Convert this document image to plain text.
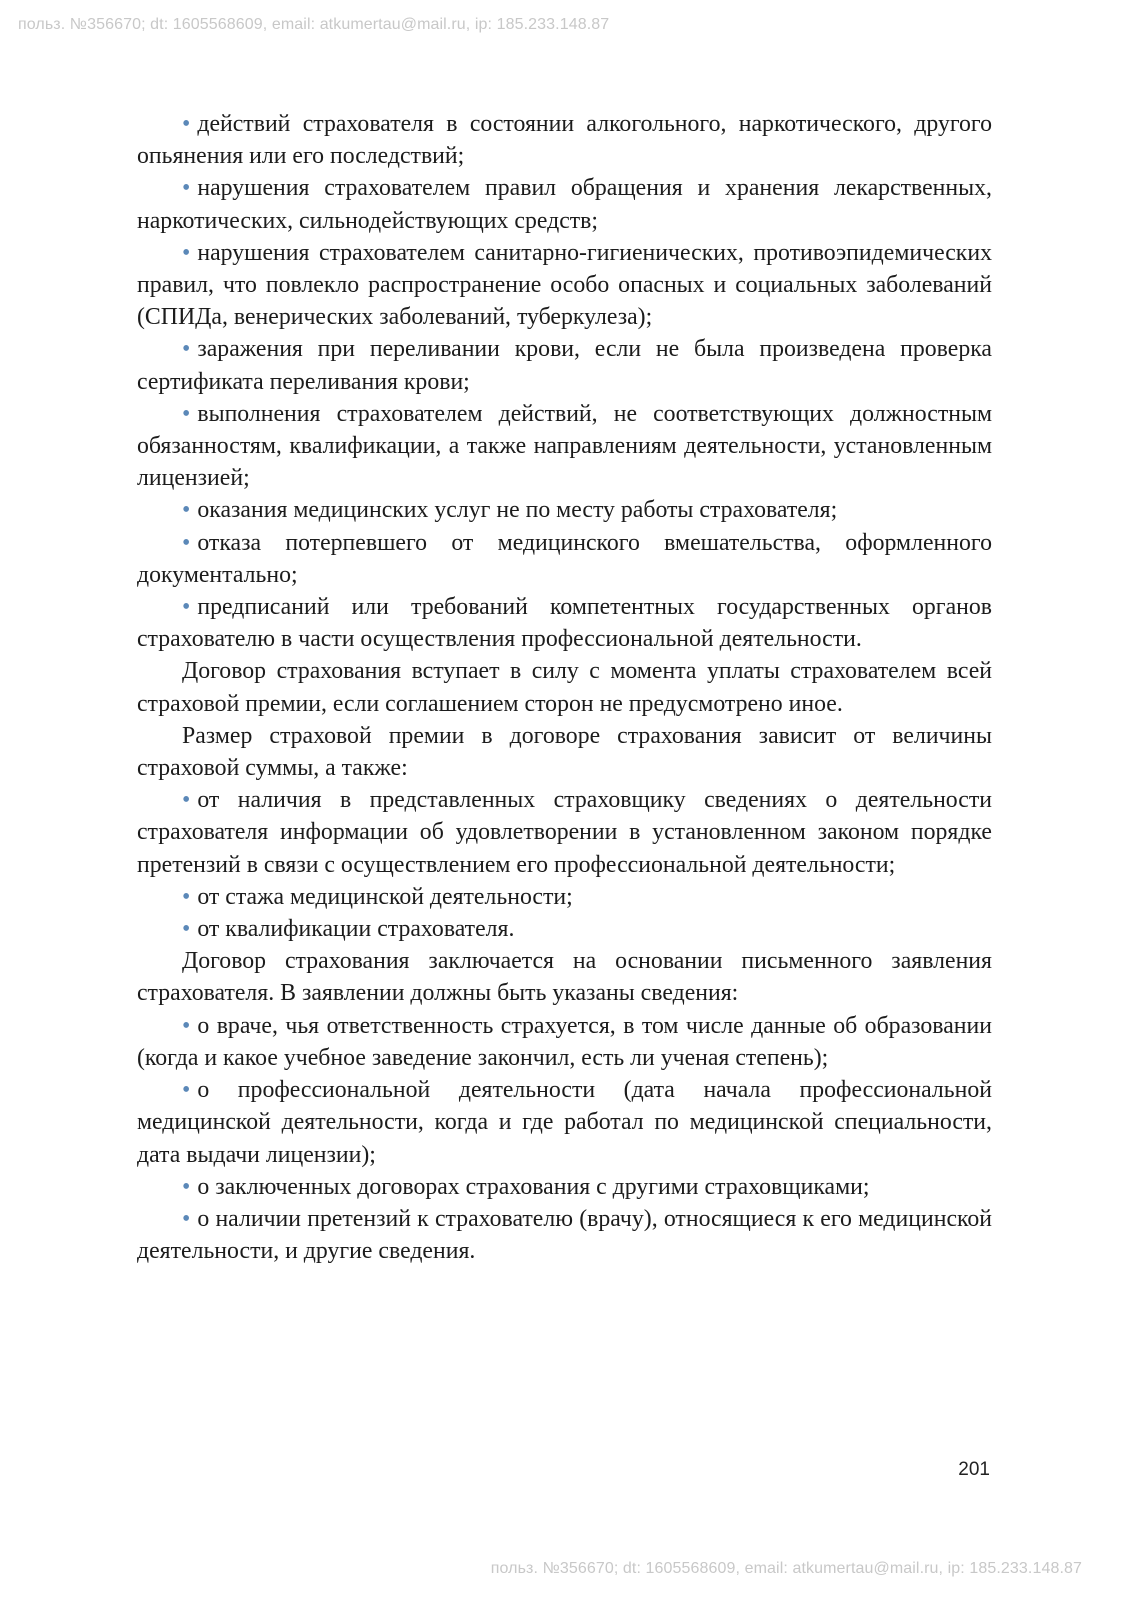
польз. №356670; dt: 1605568609, email: atkumertau@mail.ru, ip: 185.233.148.87

• действий страхователя в состоянии алкогольного, наркотического, другого опьянения или его последствий;

• нарушения страхователем правил обращения и хранения лекарственных, наркотических, сильнодействующих средств;

• нарушения страхователем санитарно-гигиенических, противоэпидемических правил, что повлекло распространение особо опасных и социальных заболеваний (СПИДа, венерических заболеваний, туберкулеза);

• заражения при переливании крови, если не была произведена проверка сертификата переливания крови;

• выполнения страхователем действий, не соответствующих должностным обязанностям, квалификации, а также направлениям деятельности, установленным лицензией;

• оказания медицинских услуг не по месту работы страхователя;

• отказа потерпевшего от медицинского вмешательства, оформленного документально;

• предписаний или требований компетентных государственных органов страхователю в части осуществления профессиональной деятельности.

Договор страхования вступает в силу с момента уплаты страхователем всей страховой премии, если соглашением сторон не предусмотрено иное.

Размер страховой премии в договоре страхования зависит от величины страховой суммы, а также:

• от наличия в представленных страховщику сведениях о деятельности страхователя информации об удовлетворении в установленном законом порядке претензий в связи с осуществлением его профессиональной деятельности;

• от стажа медицинской деятельности;

• от квалификации страхователя.

Договор страхования заключается на основании письменного заявления страхователя. В заявлении должны быть указаны сведения:

• о враче, чья ответственность страхуется, в том числе данные об образовании (когда и какое учебное заведение закончил, есть ли ученая степень);

• о профессиональной деятельности (дата начала профессиональной медицинской деятельности, когда и где работал по медицинской специальности, дата выдачи лицензии);

• о заключенных договорах страхования с другими страховщиками;

• о наличии претензий к страхователю (врачу), относящиеся к его медицинской деятельности, и другие сведения.

201
польз. №356670; dt: 1605568609, email: atkumertau@mail.ru, ip: 185.233.148.87
